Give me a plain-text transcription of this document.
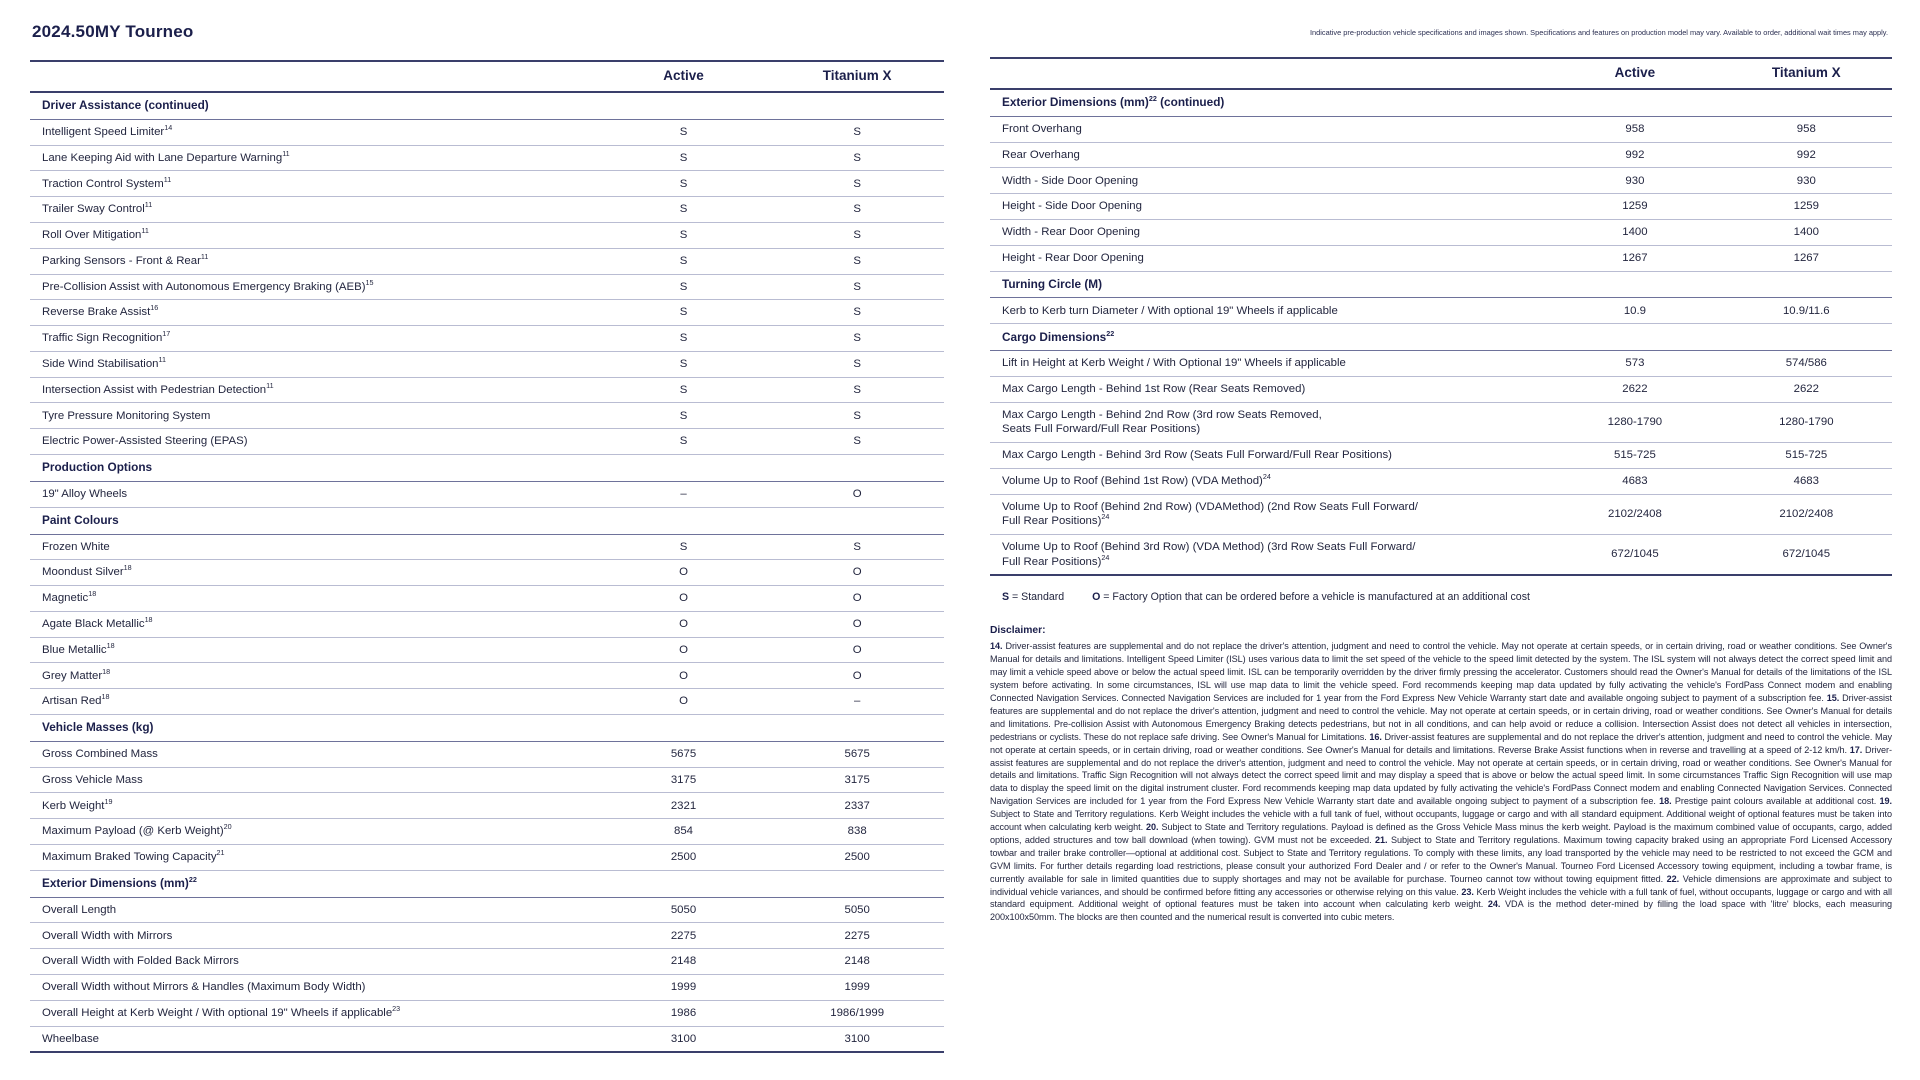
2024.50MY Tourneo
	Active	Titanium X
Driver Assistance (continued)		
Intelligent Speed Limiter$^{14}$	S	S
Lane Keeping Aid with Lane Departure Warning$^{11}$	S	S
Traction Control System$^{11}$	S	S
Trailer Sway Control$^{11}$	S	S
Roll Over Mitigation$^{11}$	S	S
Parking Sensors - Front & Rear$^{11}$	S	S
Pre-Collision Assist with Autonomous Emergency Braking (AEB)$^{15}$	S	S
Reverse Brake Assist$^{16}$	S	S
Traffic Sign Recognition$^{17}$	S	S
Side Wind Stabilisation$^{11}$	S	S
Intersection Assist with Pedestrian Detection$^{11}$	S	S
Tyre Pressure Monitoring System	S	S
Electric Power-Assisted Steering (EPAS)	S	S
Production Options		
19" Alloy Wheels	–	O
Paint Colours		
Frozen White	S	S
Moondust Silver$^{18}$	O	O
Magnetic$^{18}$	O	O
Agate Black Metallic$^{18}$	O	O
Blue Metallic$^{18}$	O	O
Grey Matter$^{18}$	O	O
Artisan Red$^{18}$	O	–
Vehicle Masses (kg)		
Gross Combined Mass	5675	5675
Gross Vehicle Mass	3175	3175
Kerb Weight$^{19}$	2321	2337
Maximum Payload (@ Kerb Weight)$^{20}$	854	838
Maximum Braked Towing Capacity$^{21}$	2500	2500
Exterior Dimensions (mm)$^{22}$
Overall Length	5050	5050
Overall Width with Mirrors	2275	2275
Overall Width with Folded Back Mirrors	2148	2148
Overall Width without Mirrors & Handles (Maximum Body Width)	1999	1999
Overall Height at Kerb Weight / With optional 19" Wheels if applicable$^{23}$	1986	1986/1999
Wheelbase	3100	3100
Indicative pre-production vehicle specifications and images shown. Specifications and features on production model may vary. Available to order, additional wait times may apply.
	Active	Titanium X
Exterior Dimensions (mm)$^{22}$ (continued)		
Front Overhang	958	958
Rear Overhang	992	992
Width - Side Door Opening	930	930
Height - Side Door Opening	1259	1259
Width - Rear Door Opening	1400	1400
Height - Rear Door Opening	1267	1267
Turning Circle (M)		
Kerb to Kerb turn Diameter / With optional 19" Wheels if applicable	10.9	10.9/11.6
Cargo Dimensions$^{22}$
Lift in Height at Kerb Weight / With Optional 19" Wheels if applicable	573	574/586
Max Cargo Length - Behind 1st Row (Rear Seats Removed)	2622	2622
Max Cargo Length - Behind 2nd Row (3rd row Seats Removed,
Seats Full Forward/Full Rear Positions)	1280-1790	1280-1790
Max Cargo Length - Behind 3rd Row (Seats Full Forward/Full Rear Positions)	515-725	515-725
Volume Up to Roof (Behind 1st Row) (VDA Method)$^{24}$	4683	4683
Volume Up to Roof (Behind 2nd Row) (VDAMethod) (2nd Row Seats Full Forward/
Full Rear Positions)$^{24}$	2102/2408	2102/2408
Volume Up to Roof (Behind 3rd Row) (VDA Method) (3rd Row Seats Full Forward/
Full Rear Positions)$^{24}$	672/1045	672/1045
S = Standard	O = Factory Option that can be ordered before a vehicle is manufactured at an additional cost
Disclaimer:
14. Driver-assist features are supplemental and do not replace the driver's attention, judgment and need to control the vehicle. May not operate at certain speeds, or in certain driving, road or weather conditions. See Owner's Manual for details and limitations. Intelligent Speed Limiter (ISL) uses various data to limit the set speed of the vehicle to the speed limit detected by the system. The ISL system will not always detect the correct speed limit and may limit a vehicle speed above or below the actual speed limit. ISL can be temporarily overridden by the driver firmly pressing the accelerator. Customers should read the Owner's Manual for details of the limitations of the ISL system before activating. In some circumstances, ISL will use map data to limit the vehicle speed. Ford recommends keeping map data updated by fully activating the vehicle's FordPass Connect modem and enabling Connected Navigation Services. Connected Navigation Services are included for 1 year from the Ford Express New Vehicle Warranty start date and available ongoing subject to payment of a subscription fee. 15. Driver-assist features are supplemental and do not replace the driver's attention, judgment and need to control the vehicle. May not operate at certain speeds, or in certain driving, road or weather conditions. See Owner's Manual for details and limitations. Pre-collision Assist with Autonomous Emergency Braking detects pedestrians, but not in all conditions, and can help avoid or reduce a collision. Intersection Assist does not detect all vehicles in intersection, pedestrians or cyclists. These do not replace safe driving. See Owner's Manual for Limitations. 16. Driver-assist features are supplemental and do not replace the driver's attention, judgment and need to control the vehicle. May not operate at certain speeds, or in certain driving, road or weather conditions. See Owner's Manual for details and limitations. Reverse Brake Assist functions when in reverse and travelling at a speed of 2-12 km/h. 17. Driver-assist features are supplemental and do not replace the driver's attention, judgment and need to control the vehicle. May not operate at certain speeds, or in certain driving, road or weather conditions. See Owner's Manual for details and limitations. Traffic Sign Recognition will not always detect the correct speed limit and may display a speed that is above or below the actual speed limit. In some circumstances Traffic Sign Recognition will use map data to display the speed limit on the digital instrument cluster. Ford recommends keeping map data updated by fully activating the vehicle's FordPass Connect modem and enabling Connected Navigation Services. Connected Navigation Services are included for 1 year from the Ford Express New Vehicle Warranty start date and available ongoing subject to payment of a subscription fee. 18. Prestige paint colours available at additional cost. 19. Subject to State and Territory regulations. Kerb Weight includes the vehicle with a full tank of fuel, without occupants, luggage or cargo and with all standard equipment. Additional weight of optional features must be taken into account when calculating kerb weight. 20. Subject to State and Territory regulations. Payload is defined as the Gross Vehicle Mass minus the kerb weight. Payload is the maximum combined value of occupants, cargo, added options, added structures and tow ball download (when towing). GVM must not be exceeded. 21. Subject to State and Territory regulations. Maximum towing capacity braked using an appropriate Ford Licensed Accessory towbar and trailer brake controller—optional at additional cost. Subject to State and Territory regulations. To comply with these limits, any load transported by the vehicle may need to be restricted to not exceed the GCM and GVM limits. For further details regarding load restrictions, please consult your authorized Ford Dealer and / or refer to the Owner's Manual. Tourneo Ford Licensed Accessory towing equipment, including a towbar frame, is currently available for sale in limited quantities due to supply shortages and may not be available for purchase. Tourneo cannot tow without towing equipment fitted. 22. Vehicle dimensions are approximate and subject to individual vehicle variances, and should be confirmed before fitting any accessories or otherwise relying on this value. 23. Kerb Weight includes the vehicle with a full tank of fuel, without occupants, luggage or cargo and with all standard equipment. Additional weight of optional features must be taken into account when calculating kerb weight. 24. VDA is the method deter-mined by filling the load space with 'litre' blocks, each measuring 200x100x50mm. The blocks are then counted and the numerical result is converted into cubic meters.
